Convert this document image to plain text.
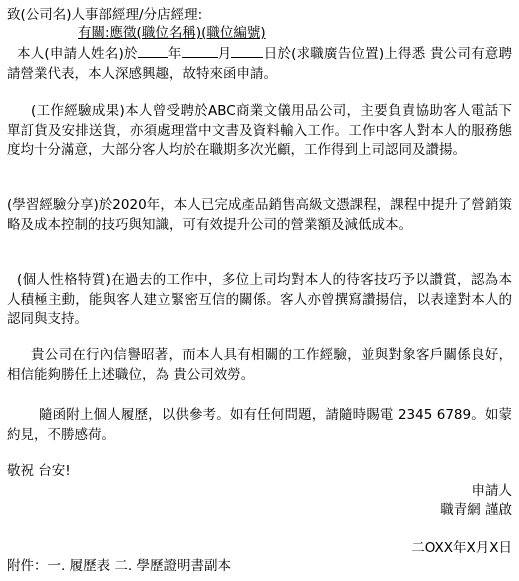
致(公司名)人事部經理/分店經理:
有關:應徵(職位名稱)(職位編號)
本人(申請人姓名)於 年	月 日於(求職廣告位置)上得悉 貴公司有意聘請營業代表，本人深感興趣，故特來函申請。
(工作經驗成果)本人曾受聘於ABC商業文儀用品公司，主要負責協助客人電話下單訂貨及安排送貨，亦須處理當中文書及資料輸入工作。工作中客人對本人的服務態度均十分滿意，大部分客人均於在職期多次光顧，工作得到上司認同及讚揚。
(學習經驗分享)於2020年，本人已完成產品銷售高級文憑課程，課程中提升了營銷策略及成本控制的技巧與知識，可有效提升公司的營業額及減低成本。
(個人性格特質)在過去的工作中，多位上司均對本人的待客技巧予以讚賞，認為本人積極主動，能與客人建立緊密互信的關係。客人亦曾撰寫讚揚信，以表達對本人的認同與支持。
貴公司在行內信譽昭著，而本人具有相關的工作經驗，並與對象客戶關係良好，相信能夠勝任上述職位，為 貴公司效勞。
隨函附上個人履歷，以供參考。如有任何問題，請隨時賜電 2345 6789。如蒙約見，不勝感荷。
敬祝 台安!
申請人
職青網 謹啟
二OXX年X月X日
附件：一. 履歷表 二. 學歷證明書副本
